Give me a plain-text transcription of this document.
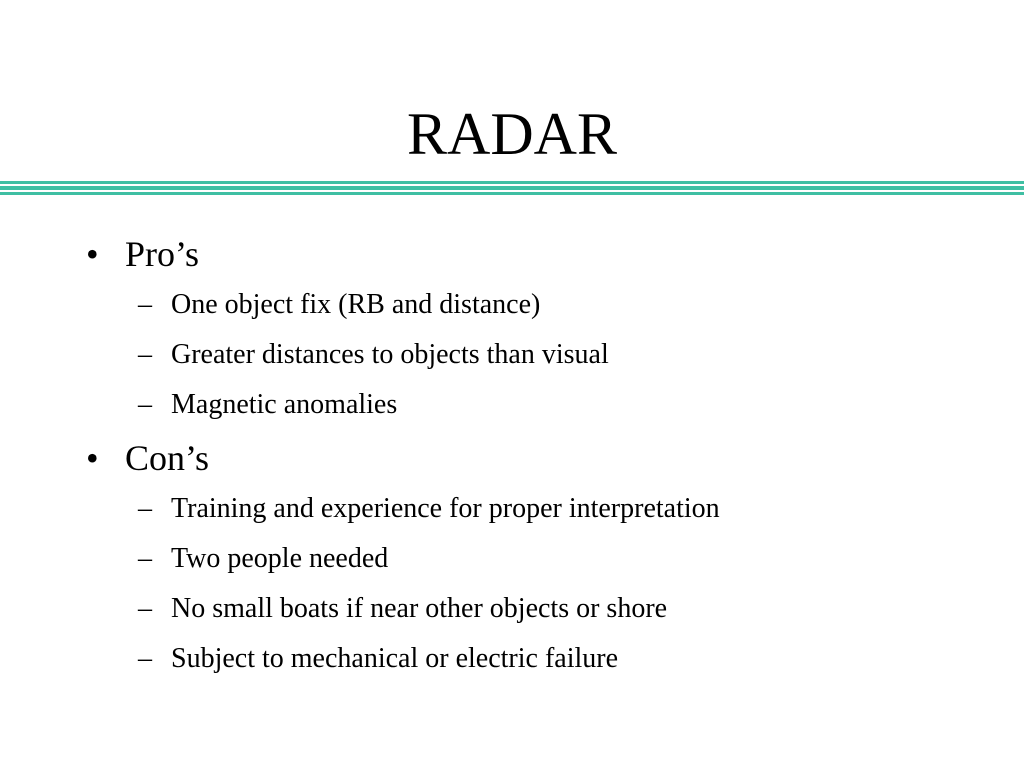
RADAR
• Pro’s
– One object fix (RB and distance)
– Greater distances to objects than visual
– Magnetic anomalies
• Con’s
– Training and experience for proper interpretation
– Two people needed
– No small boats if near other objects or shore
– Subject to mechanical or electric failure
